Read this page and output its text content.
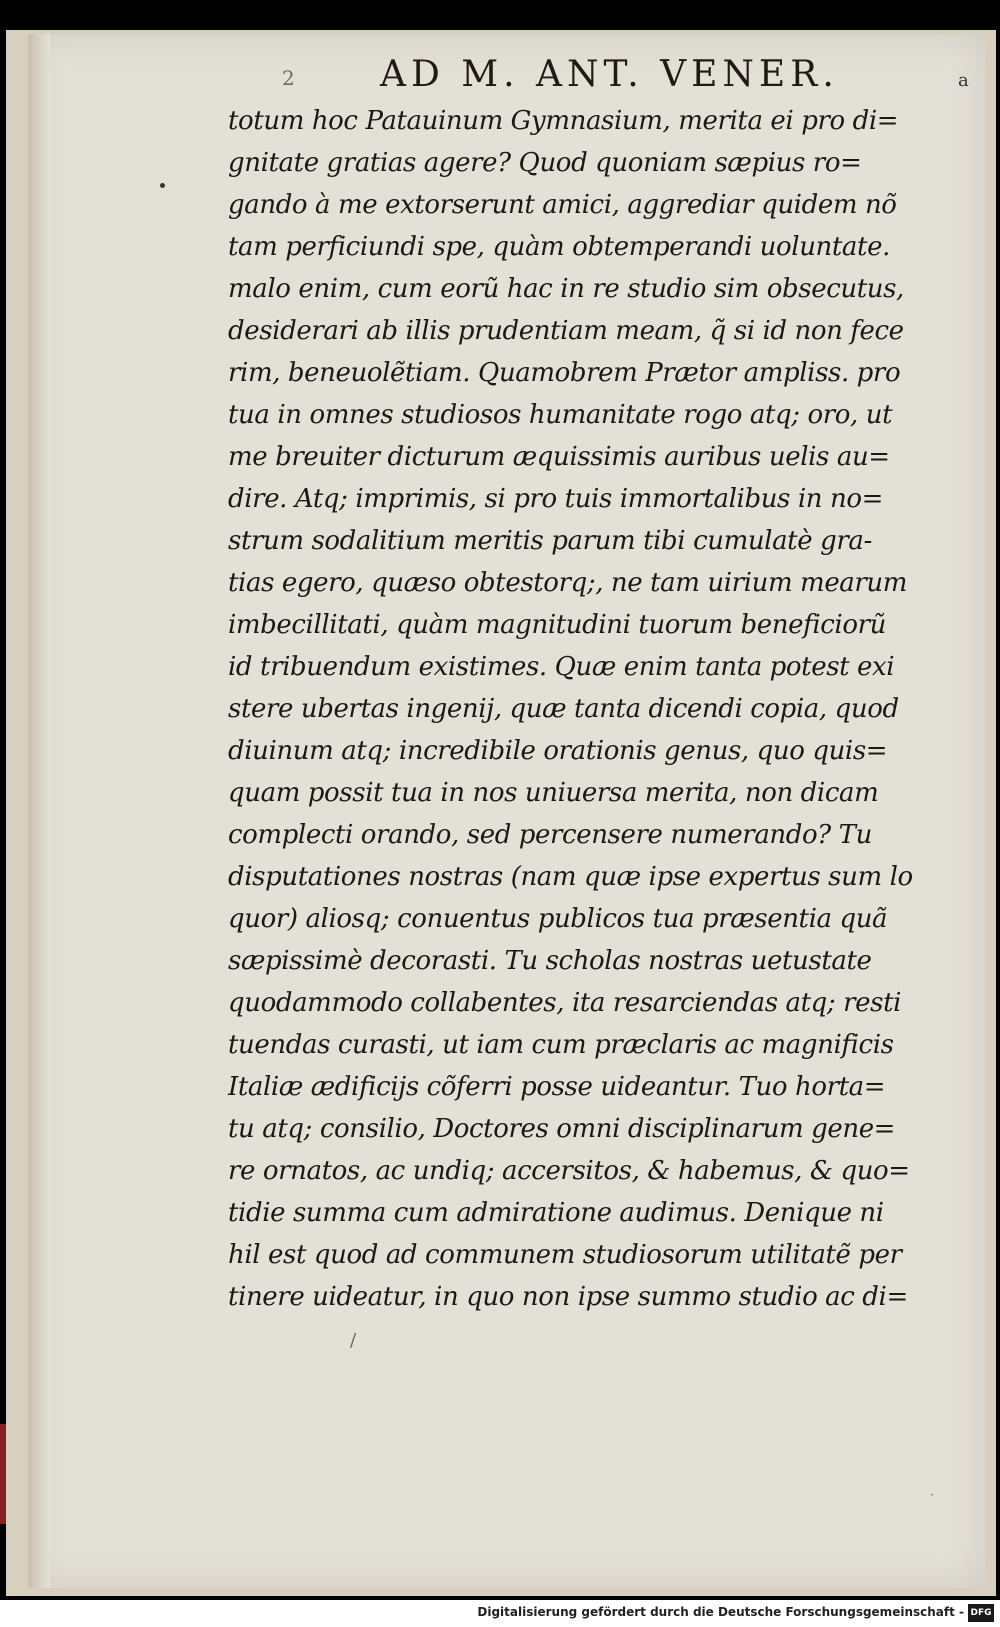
2 AD M. ANT. VENER.	a
totum hoc Patauinum Gymnasium, merita ei pro di=
gnitate gratias agere? Quod quoniam sæpius ro=
gando à me extorserunt amici, aggrediar quidem nõ
tam perficiundi spe, quàm obtemperandi uoluntate.
malo enim, cum eorũ hac in re studio sim obsecutus,
desiderari ab illis prudentiam meam, q̃ si id non fece
rim, beneuolẽtiam. Quamobrem Prætor ampliss. pro
tua in omnes studiosos humanitate rogo atq; oro, ut
me breuiter dicturum æquissimis auribus uelis au=
dire. Atq; imprimis, si pro tuis immortalibus in no=
strum sodalitium meritis parum tibi cumulatè gra-
tias egero, quæso obtestorq;, ne tam uirium mearum
imbecillitati, quàm magnitudini tuorum beneficiorũ
id tribuendum existimes. Quæ enim tanta potest exi
stere ubertas ingenij, quæ tanta dicendi copia, quod
diuinum atq; incredibile orationis genus, quo quis=
quam possit tua in nos uniuersa merita, non dicam
complecti orando, sed percensere numerando? Tu
disputationes nostras (nam quæ ipse expertus sum lo
quor) aliosq; conuentus publicos tua præsentia quã
sæpissimè decorasti. Tu scholas nostras uetustate
quodammodo collabentes, ita resarciendas atq; resti
tuendas curasti, ut iam cum præclaris ac magnificis
Italiæ ædificijs cõferri posse uideantur. Tuo horta=
tu atq; consilio, Doctores omni disciplinarum gene=
re ornatos, ac undiq; accersitos, & habemus, & quo=
tidie summa cum admiratione audimus. Denique ni
hil est quod ad communem studiosorum utilitatẽ per
tinere uideatur, in quo non ipse summo studio ac di=
/
·
Digitalisierung gefördert durch die Deutsche Forschungsgemeinschaft - DFG
